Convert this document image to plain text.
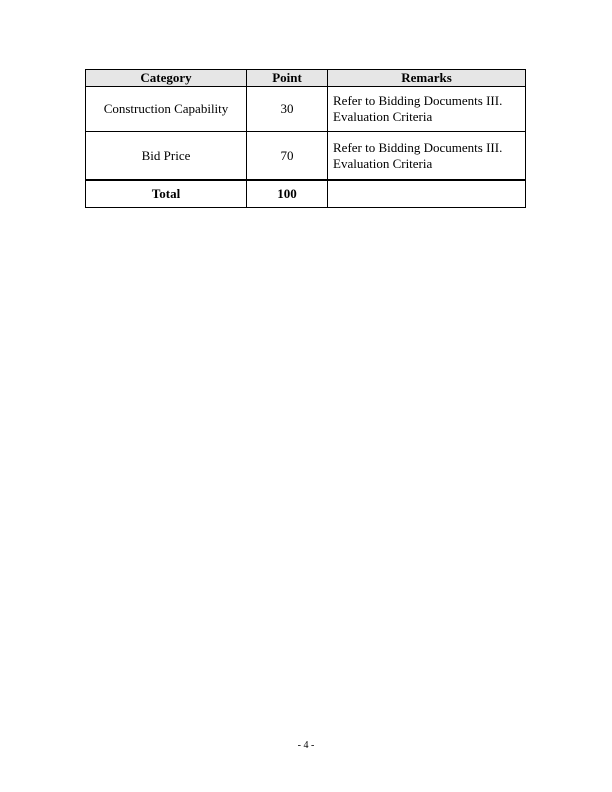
Category	Point	Remarks
Construction Capability	30	Refer to Bidding Documents III.
Evaluation Criteria

Bid Price	70	Refer to Bidding Documents III.
Evaluation Criteria

Total	100	
- 4 -
